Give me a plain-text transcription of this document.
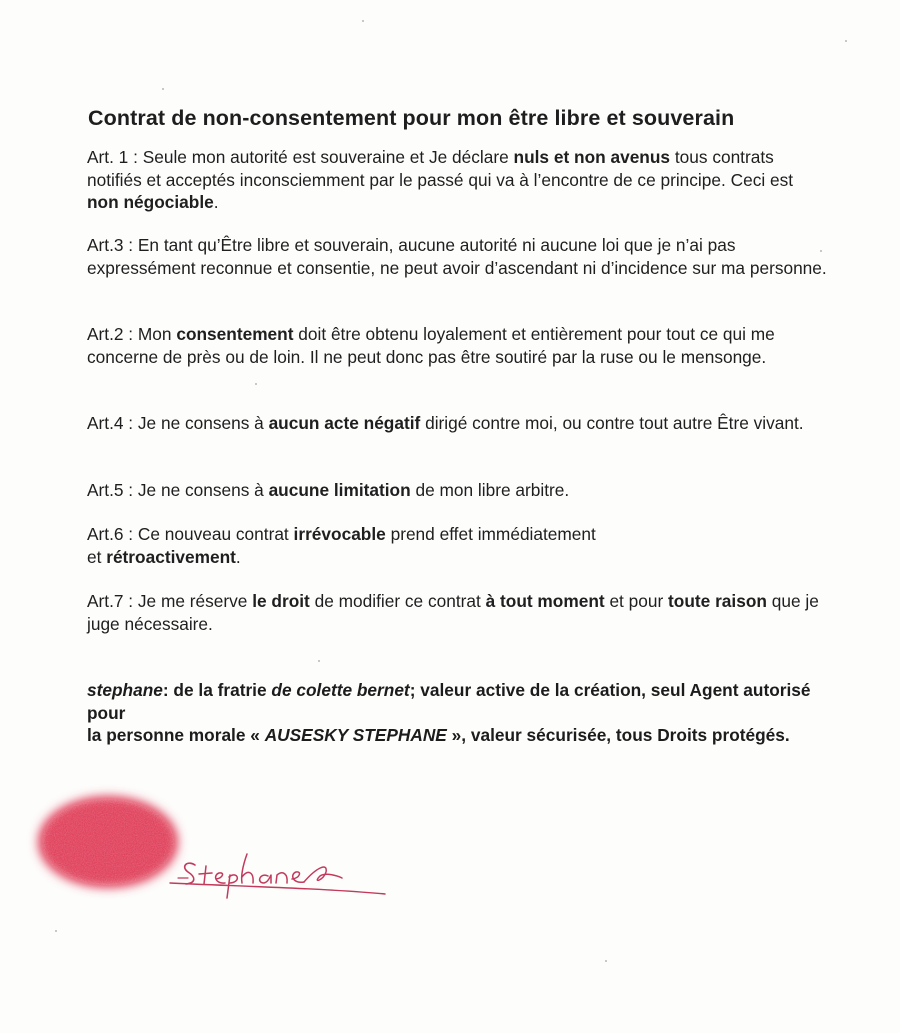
Contrat de non-consentement pour mon être libre et souverain
Art. 1 : Seule mon autorité est souveraine et Je déclare nuls et non avenus tous contrats notifiés et acceptés inconsciemment par le passé qui va à l’encontre de ce principe. Ceci est non négociable.
Art.3 : En tant qu’Être libre et souverain, aucune autorité ni aucune loi que je n’ai pas expressément reconnue et consentie, ne peut avoir d’ascendant ni d’incidence sur ma personne.
Art.2 : Mon consentement doit être obtenu loyalement et entièrement pour tout ce qui me concerne de près ou de loin. Il ne peut donc pas être soutiré par la ruse ou le mensonge.
Art.4 : Je ne consens à aucun acte négatif dirigé contre moi, ou contre tout autre Être vivant.
Art.5 : Je ne consens à aucune limitation de mon libre arbitre.
Art.6 : Ce nouveau contrat irrévocable prend effet immédiatement
et rétroactivement.
Art.7 : Je me réserve le droit de modifier ce contrat à tout moment et pour toute raison que je juge nécessaire.
stephane: de la fratrie de colette bernet; valeur active de la création, seul Agent autorisé pour
la personne morale « AUSESKY STEPHANE », valeur sécurisée, tous Droits protégés.
